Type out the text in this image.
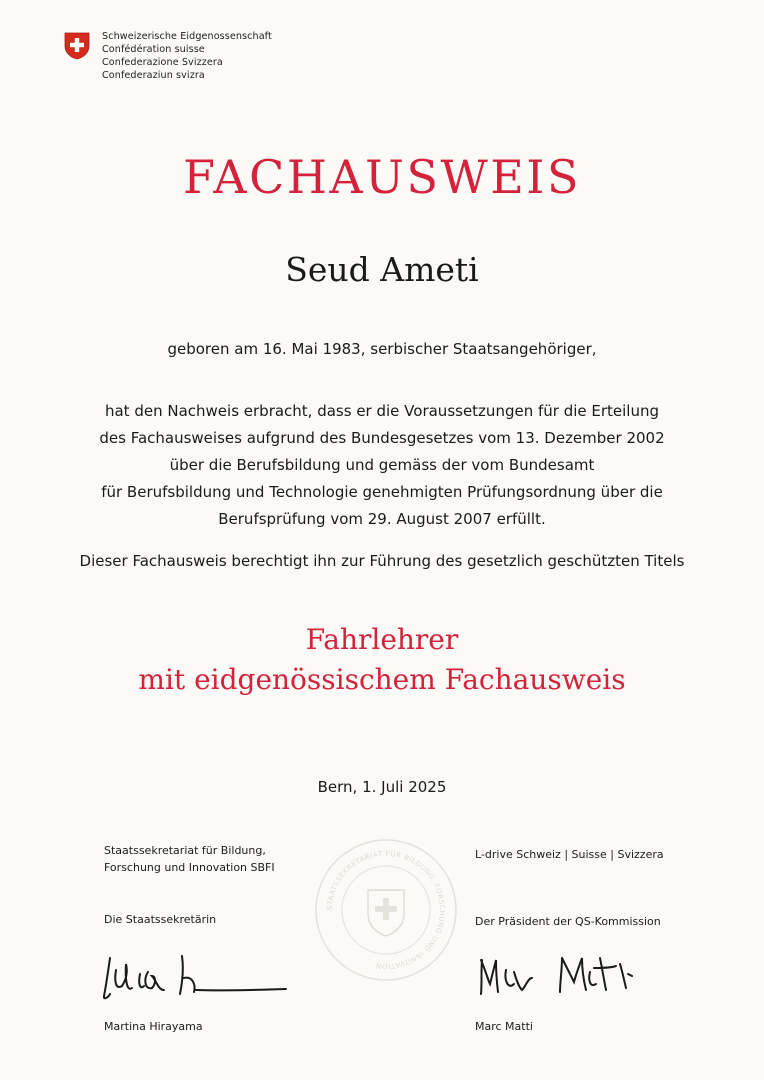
Schweizerische Eidgenossenschaft
Confédération suisse
Confederazione Svizzera
Confederaziun svizra
FACHAUSWEIS
Seud Ameti
geboren am 16. Mai 1983, serbischer Staatsangehöriger,
hat den Nachweis erbracht, dass er die Voraussetzungen für die Erteilung
des Fachausweises aufgrund des Bundesgesetzes vom 13. Dezember 2002
über die Berufsbildung und gemäss der vom Bundesamt
für Berufsbildung und Technologie genehmigten Prüfungsordnung über die
Berufsprüfung vom 29. August 2007 erfüllt.
Dieser Fachausweis berechtigt ihn zur Führung des gesetzlich geschützten Titels
Fahrlehrer
mit eidgenössischem Fachausweis
Bern, 1. Juli 2025
Staatssekretariat für Bildung,
Forschung und Innovation SBFI
Die Staatssekretärin
Martina Hirayama
STAATSSEKRETARIAT FÜR BILDUNG, FORSCHUNG UND INNOVATION
L-drive Schweiz | Suisse | Svizzera
Der Präsident der QS-Kommission
Marc Matti
